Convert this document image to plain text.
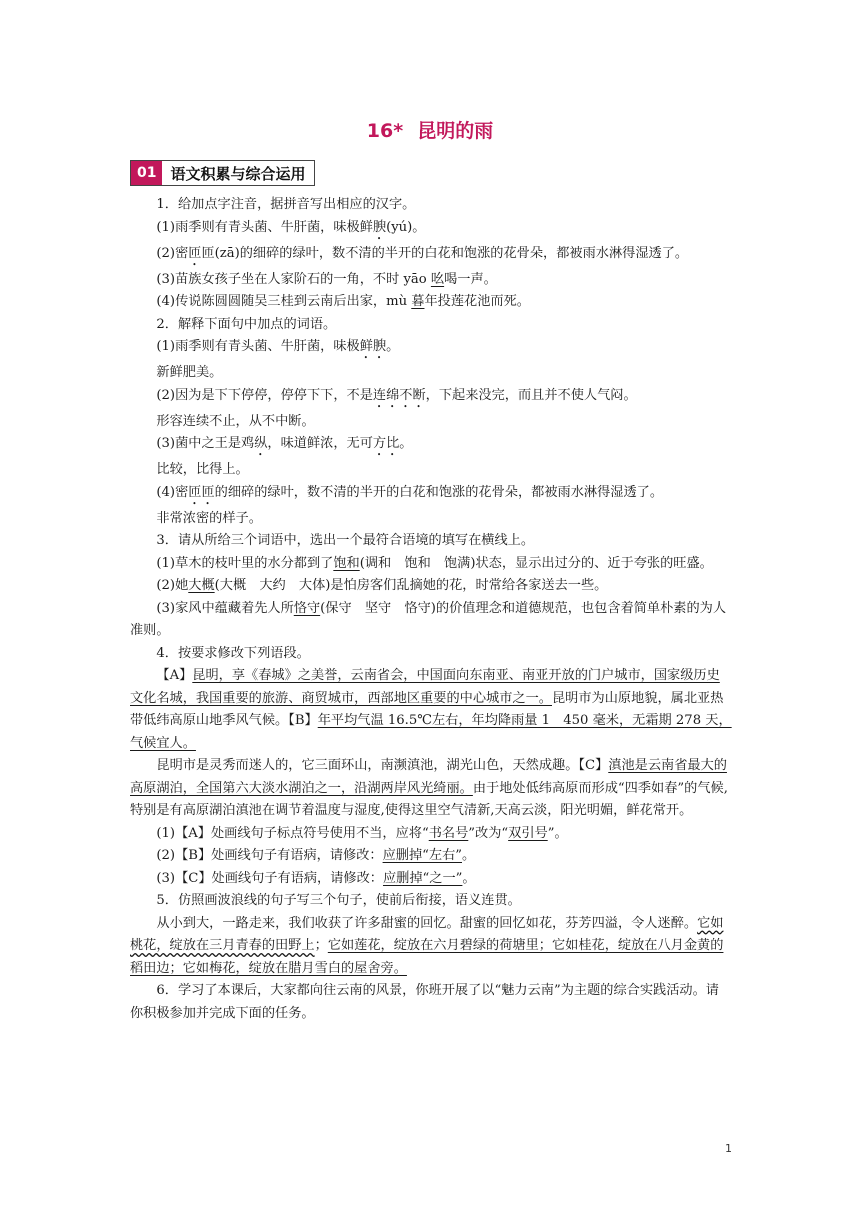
16* 昆明的雨
01 语文积累与综合运用

1．给加点字注音，据拼音写出相应的汉字。

(1)雨季则有青头菌、牛肝菌，味极鲜腴(yú)。

(2)密匝匝(zā)的细碎的绿叶，数不清的半开的白花和饱涨的花骨朵，都被雨水淋得湿透了。

(3)苗族女孩子坐在人家阶石的一角，不时 yāo 吆喝一声。

(4)传说陈圆圆随吴三桂到云南后出家，mù 暮年投莲花池而死。

2．解释下面句中加点的词语。

(1)雨季则有青头菌、牛肝菌，味极鲜腴。

新鲜肥美。

(2)因为是下下停停，停停下下，不是连绵不断，下起来没完，而且并不使人气闷。

形容连续不止，从不中断。

(3)菌中之王是鸡纵，味道鲜浓，无可方比。

比较，比得上。

(4)密匝匝的细碎的绿叶，数不清的半开的白花和饱涨的花骨朵，都被雨水淋得湿透了。

非常浓密的样子。

3．请从所给三个词语中，选出一个最符合语境的填写在横线上。

(1)草木的枝叶里的水分都到了饱和(调和　饱和　饱满)状态，显示出过分的、近于夸张的旺盛。

(2)她大概(大概　大约　大体)是怕房客们乱摘她的花，时常给各家送去一些。

(3)家风中蕴藏着先人所恪守(保守　坚守　恪守)的价值理念和道德规范，也包含着简单朴素的为人准则。

4．按要求修改下列语段。

【A】昆明，享《春城》之美誉，云南省会，中国面向东南亚、南亚开放的门户城市，国家级历史文化名城，我国重要的旅游、商贸城市，西部地区重要的中心城市之一。昆明市为山原地貌，属北亚热带低纬高原山地季风气候。【B】年平均气温 16.5℃左右，年均降雨量 1　450 毫米，无霜期 278 天，气候宜人。

昆明市是灵秀而迷人的，它三面环山，南濒滇池，湖光山色，天然成趣。【C】滇池是云南省最大的高原湖泊，全国第六大淡水湖泊之一，沿湖两岸风光绮丽。由于地处低纬高原而形成“四季如春”的气候,特别是有高原湖泊滇池在调节着温度与湿度,使得这里空气清新,天高云淡，阳光明媚，鲜花常开。

(1)【A】处画线句子标点符号使用不当，应将“书名号”改为“双引号”。

(2)【B】处画线句子有语病，请修改：应删掉“左右”。

(3)【C】处画线句子有语病，请修改：应删掉“之一”。

5．仿照画波浪线的句子写三个句子，使前后衔接，语义连贯。

从小到大，一路走来，我们收获了许多甜蜜的回忆。甜蜜的回忆如花，芬芳四溢，令人迷醉。它如桃花，绽放在三月青春的田野上；它如莲花，绽放在六月碧绿的荷塘里；它如桂花，绽放在八月金黄的稻田边；它如梅花，绽放在腊月雪白的屋舍旁。

6．学习了本课后，大家都向往云南的风景，你班开展了以“魅力云南”为主题的综合实践活动。请你积极参加并完成下面的任务。

1
